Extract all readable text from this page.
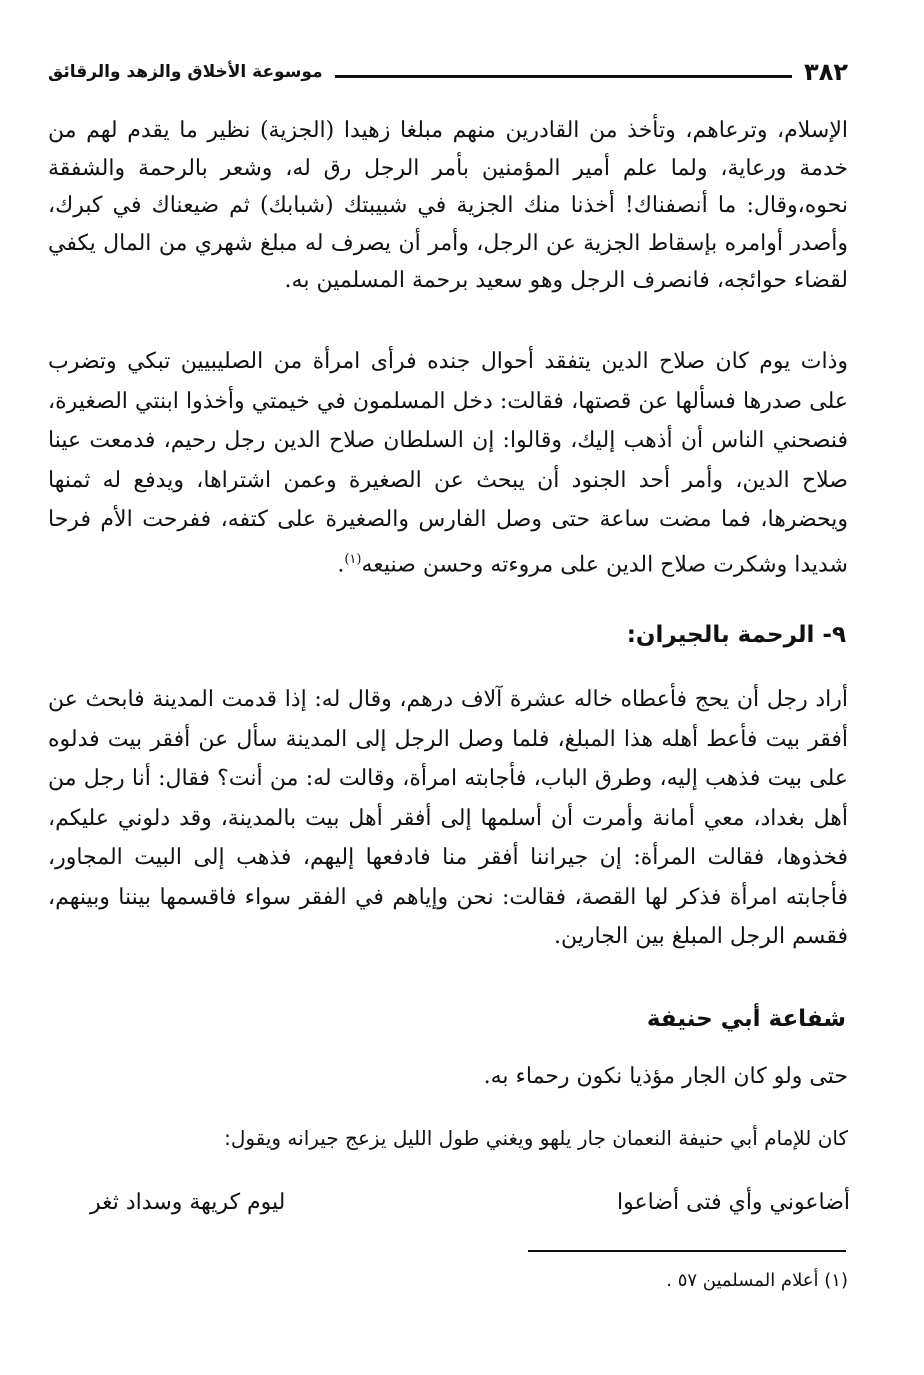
٣٨٢
موسوعة الأخلاق والزهد والرقائق

الإسلام، وترعاهم، وتأخذ من القادرين منهم مبلغا زهيدا (الجزية) نظير ما يقدم لهم من خدمة ورعاية، ولما علم أمير المؤمنين بأمر الرجل رق له، وشعر بالرحمة والشفقة نحوه،وقال: ما أنصفناك! أخذنا منك الجزية في شبيبتك (شبابك) ثم ضيعناك في كبرك، وأصدر أوامره بإسقاط الجزية عن الرجل، وأمر أن يصرف له مبلغ شهري من المال يكفي لقضاء حوائجه، فانصرف الرجل وهو سعيد برحمة المسلمين به.

وذات يوم كان صلاح الدين يتفقد أحوال جنده فرأى امرأة من الصليبيين تبكي وتضرب على صدرها فسألها عن قصتها، فقالت: دخل المسلمون في خيمتي وأخذوا ابنتي الصغيرة، فنصحني الناس أن أذهب إليك، وقالوا: إن السلطان صلاح الدين رجل رحيم، فدمعت عينا صلاح الدين، وأمر أحد الجنود أن يبحث عن الصغيرة وعمن اشتراها، ويدفع له ثمنها ويحضرها، فما مضت ساعة حتى وصل الفارس والصغيرة على كتفه، ففرحت الأم فرحا شديدا وشكرت صلاح الدين على مروءته وحسن صنيعه$^{(١)}$.

٩- الرحمة بالجيران:

أراد رجل أن يحج فأعطاه خاله عشرة آلاف درهم، وقال له: إذا قدمت المدينة فابحث عن أفقر بيت فأعط أهله هذا المبلغ، فلما وصل الرجل إلى المدينة سأل عن أفقر بيت فدلوه على بيت فذهب إليه، وطرق الباب، فأجابته امرأة، وقالت له: من أنت؟ فقال: أنا رجل من أهل بغداد، معي أمانة وأمرت أن أسلمها إلى أفقر أهل بيت بالمدينة، وقد دلوني عليكم، فخذوها، فقالت المرأة: إن جيراننا أفقر منا فادفعها إليهم، فذهب إلى البيت المجاور، فأجابته امرأة فذكر لها القصة، فقالت: نحن وإياهم في الفقر سواء فاقسمها بيننا وبينهم، فقسم الرجل المبلغ بين الجارين.

شفاعة أبي حنيفة

حتى ولو كان الجار مؤذيا نكون رحماء به.

كان للإمام أبي حنيفة النعمان جار يلهو ويغني طول الليل يزعج جيرانه ويقول:

أضاعوني وأي فتى أضاعوا
ليوم كريهة وسداد ثغر

(١) أعلام المسلمين ٥٧ .
